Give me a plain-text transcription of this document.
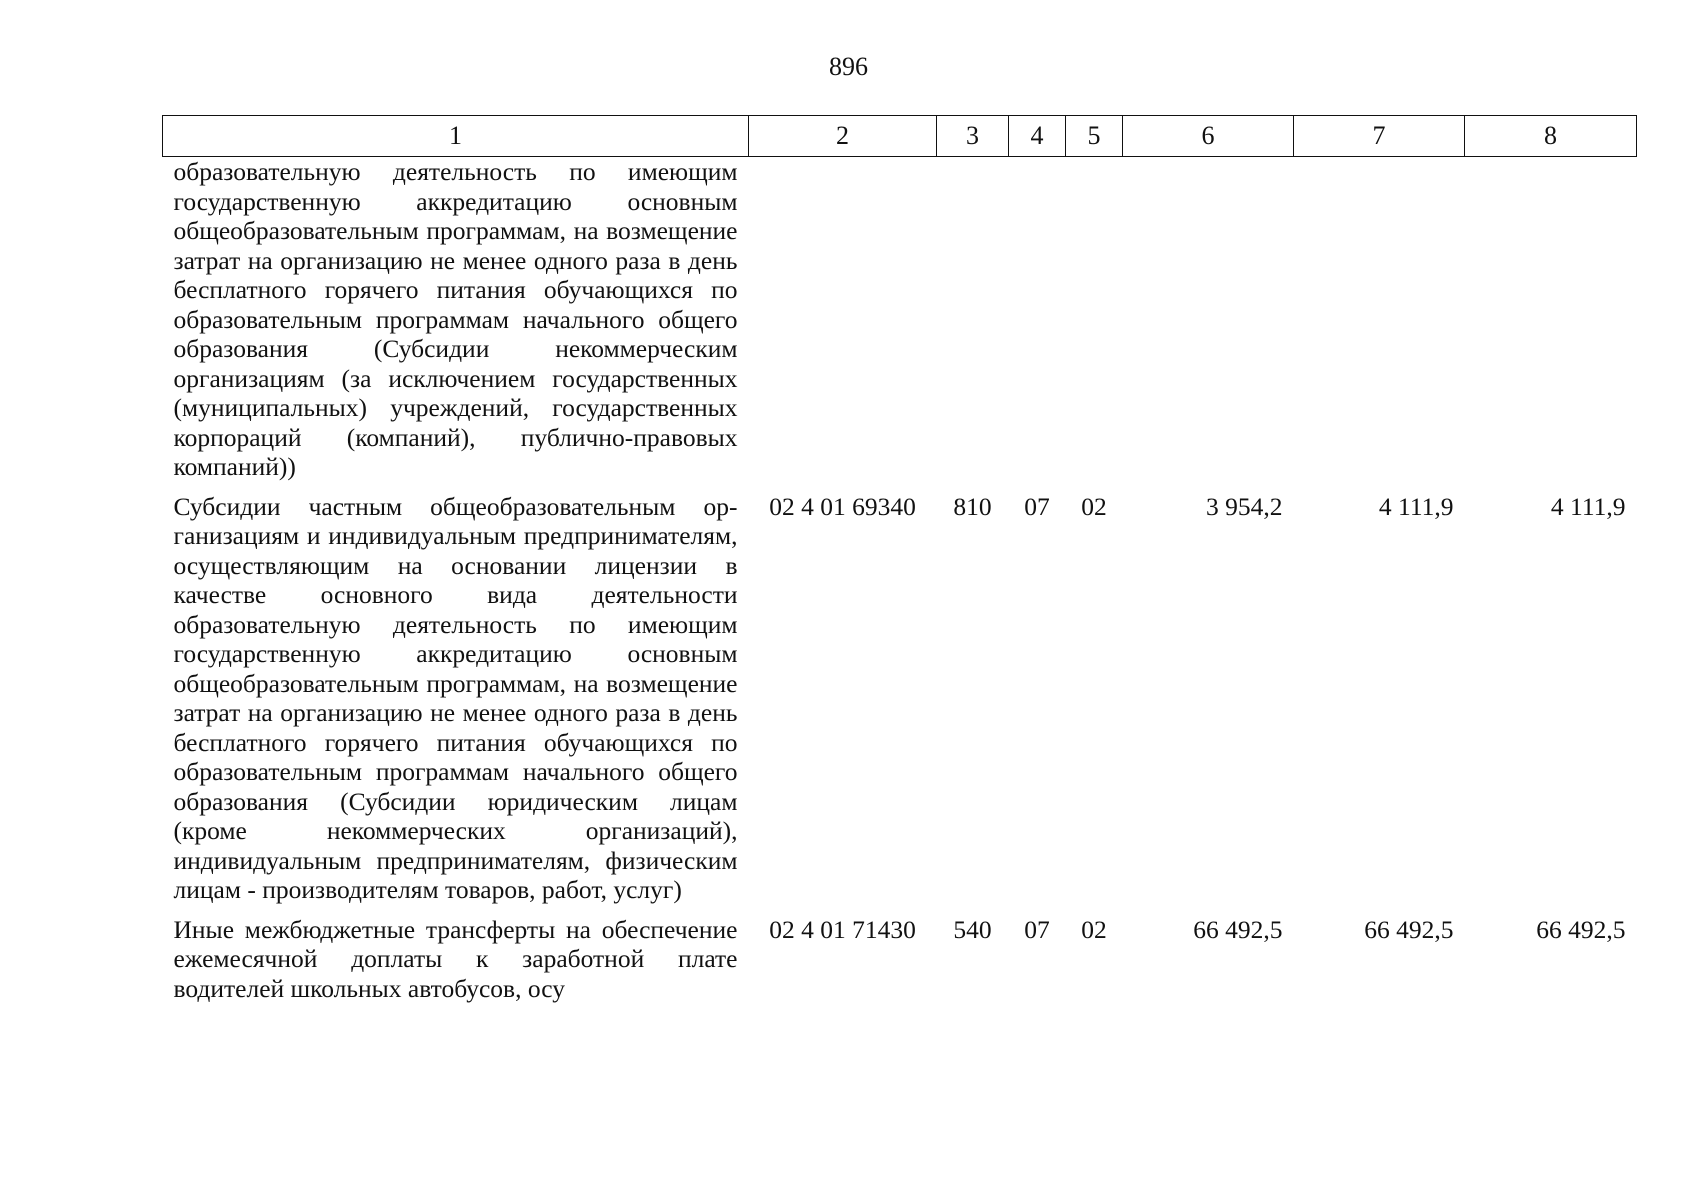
896
1	2	3	4	5	6	7	8
образовательную деятельность по имеющим государственную аккредитацию основным общеобразовательным программам, на возмещение затрат на организацию не менее одного раза в день бесплатного горячего питания обучающихся по образовательным программам начального общего образования (Субсидии некоммерческим организациям (за исключением государственных (муниципальных) учреждений, государственных корпораций (компаний), публично-правовых компаний))							
Субсидии частным общеобразовательным организациям и индивидуальным предпринимателям, осуществляющим на основании лицензии в качестве основного вида деятельности образовательную деятельность по имеющим государственную аккредитацию основным общеобразовательным программам, на возмещение затрат на организацию не менее одного раза в день бесплатного горячего питания обучающихся по образовательным программам начального общего образования (Субсидии юридическим лицам (кроме некоммерческих организаций), индивидуальным предпринимателям, физическим лицам - производителям товаров, работ, услуг)	02 4 01 69340	810	07	02	3 954,2	4 111,9	4 111,9
Иные межбюджетные трансферты на обеспечение ежемесячной доплаты к заработной плате водителей школьных автобусов, осу	02 4 01 71430	540	07	02	66 492,5	66 492,5	66 492,5
